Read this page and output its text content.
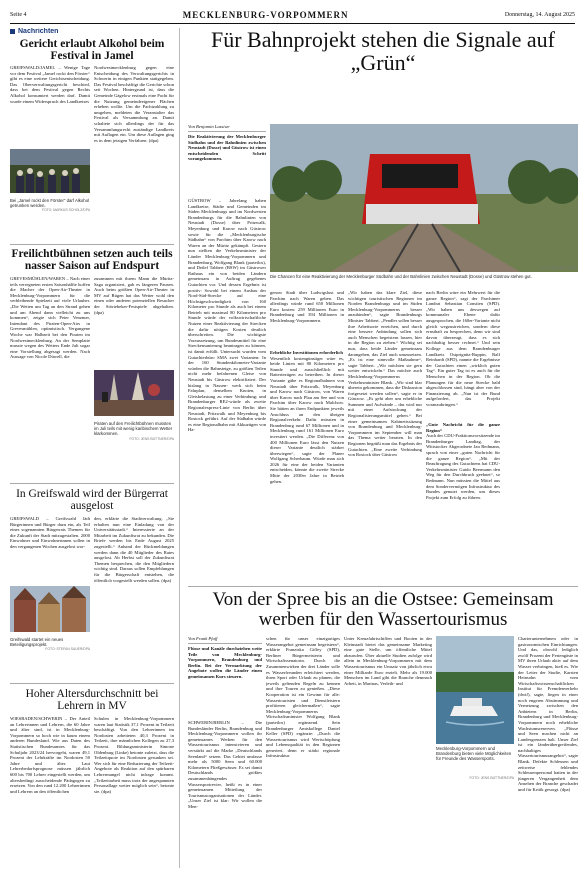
Seite 4	MECKLENBURG-VORPOMMERN	Donnerstag, 14. August 2025
Nachrichten
Gericht erlaubt Alkohol beim Festival in Jamel
GREIFSWALD/JAMEL – Wenige Tage vor dem Festival „Jamel rockt den Förster“ gibt es eine weitere Gerichtsentscheidung. Das Oberverwaltungsgericht beschied, dass bei dem Festival gegen Rechts Alkohol konsumiert werden darf. Damit wurde einem Widerspruch des Landkreises
Bei „Jamel rockt den Förster“ darf Alkohol getrunken werden.
FOTO: MARKUS SCHOLZ/DPA
Nordwestmecklenburg gegen eine Entscheidung des Verwaltungsgerichts in Schwerin in einigen Punkten stattgegeben. Das Festival beschäftigt die Gerichte schon seit Wochen. Hintergrund ist, dass die Gemeinde Gägelow erstmals eine Pacht für die Nutzung gemeindeeigener Flächen erheben wollte. Um die Pachtzahlung zu umgehen, meldeten die Veranstalter das Festival als Versammlung an. Damit schaltete sich allerdings der für das Versammlungsrecht zuständige Landkreis mit Auflagen ein. Um diese Auflagen ging es in dem jetzigen Verfahren. (dpa)
Freilichtbühnen setzen auch teils nasser Saison auf Endspurt
GREVESMÜHLEN/WAREN – Nach einer teils verregneten ersten Saisonhälfte hoffen die Macher der Open-Air-Theater in Mecklenburg-Vorpommern für die verbleibende Spielzeit auf viele Urlauber. „Die Wetten um Tag an den Strand gehen und am Abend dann vielleicht zu uns kommen“, zeigte sich Peter Venzmer, Intendant des Piraten-Open-Airs in Grevesmühlen, optimistisch. Vergangene Woche war Halbzeit bei den Piraten im Nordwestmecklenburg. An der Semplatte musste wegen des Wetters Ende Juli sogar eine Vorstellung abgesagt werden. Nach Aussage von Nicole Düwell, die
zusammen mit ihrem Mann die Müritz-Saga organisiert, gab es längeren Pausen. Auch beim größten Open-Air-Theater in MV auf Rügen hat das Wetter wohl den einen oder anderen potenziellen Besucher der Störtebeker-Festspiele abgehalten. (dpa)
Piraten auf den Freilichtbühnen mussten im Juli teils mit wenig karibischem Wetter klarkommen.
FOTO: JENS BÜTTNER/DPA
In Greifswald wird der Bürgerrat ausgelost
GREIFSWALD – Greifswald lädt Bürgerinnen und Bürger dazu ein, als Teil eines sogenannten Bürgerrats Themen für die Zukunft der Stadt mitzugestalten. 2000 Einwohner und Einwohnerinnen sollen in den vergangenen Wochen ausgelost wor-
Greifswald startet ein neues Beteiligungsprojekt.
FOTO: STEFAN SAUER/DPA
den, erklärte die Stadtverwaltung. „Sie erhalten nun eine Einladung von der Universitätsstadt.“ Interessierte an der Mitarbeit im Zukunftsrat zu bekunden. Die Briefe werden bis Ende August 2025 zugestellt.“ Anhand der Rückmeldungen werden dann die 40 Mitglieder des Rates ausgelost. Ab Herbst soll der Zukunftsrat Themen besprechen, die den Mitgliedern wichtig sind. Daraus sollen Empfehlungen für die Bürgerschaft entstehen, die öffentlich vorgestellt werden sollen. (dpa)
Hoher Altersdurchschnitt bei Lehrern in MV
WIESBADEN/SCHWERIN – Der Anteil an Lehrerinnen und Lehrern, die 60 Jahre und älter sind, ist in Mecklenburg-Vorpommern so hoch wie in kaum einem anderen Bundesland. Wie aus Daten des Statistischen Bundesamtes für das Schuljahr 2023/24 hervorgeht, waren 49,1 Prozent der Lehrkräfte im Nordosten 50 Jahre und älter. Laut Lehrerbedarfsprognose müssen jährlich 600 bis 700 Lehrer eingestellt werden, um altersbedingt ausscheidende Pädagogen zu ersetzen. Von den rund 12.200 Lehrerinnen und Lehrern an den öffentlichen
Schulen in Mecklenburg-Vorpommern waren laut Statistik 37,1 Prozent in Teilzeit beschäftigt. Von den Lehrerinnen im Nordosten arbeiteten 40,3 Prozent in Teilzeit, ihre männlichen Kollegen zu 27,3 Prozent. Bildungsministerin Simone Oldenburg (Linke) betonte zuletzt, dass die Teilzeitquote im Nordosten gesunken sei. Wer sich für eine Reduzierung der Teilzeit-Angebote als Reaktion auf den spürbaren Lehrermangel nicht infrage kommt. „Teilzeitarbeit muss trotz der angespannten Personallage weiter möglich sein“, betonte sie. (dpa)
Für Bahnprojekt stehen die Signale auf „Grün“
Von Benjamin Lassiwe
Die Reaktivierung der Mecklenburger Südbahn und der Bahnlinien zwischen Neustadt (Dosse) und Güstrow ist einen entscheidenden Schritt vorangekommen.
GÜSTROW – Jahrelang haben Landkreise, Städte und Gemeinden im Süden Mecklenburgs und im Nordwesten Brandenburgs für die Bahnlinien von Neustadt (Dosse) über Pritzwalk, Meyenburg und Karow nach Güstrow sowie für die „Mecklenburgische Südbahn“ von Parchim über Karow nach Waren an der Müritz gekämpft. Gestern nun stellten die Verkehrsminister der Länder Mecklenburg-Vorpommern und Brandenburg, Wolfgang Blank (parteilos), und Detlef Tabbert (BSW) im Güstrower Rathaus ein von beiden Ländern gemeinsam in Auftrag gegebenes Gutachten vor. Und dessen Ergebnis ist positiv: Sowohl bei einem Ausbau der Nord-Süd-Strecke auf eine Höchstgeschwindigkeit von 160 Kilometer pro Stunde als auch bei einem Betrieb mit maximal 80 Kilometern pro Stunde würde der volkswirtschaftliche Nutzen einer Reaktivierung der Strecken die dafür nötigen Kosten deutlich überschreiten. Die wichtigste Voraussetzung, um Bundesmittel für eine Streckensanierung beantragen zu können, ist damit erfüllt. Untersucht wurden vom Gutachterbüro SMA zwei Varianten: In der 160 Stundenkilometer-Variante würden die Bahnsteige, zu größten Teilen nicht mehr befahrenen Gleise von Neustadt bis Güstrow elektrifiziert. Der bislang in Nassen- werk sich beim Fahrplan, denselben Knoten, in Gleisbelastung zu einer Verbindung; und Brandenburger RE2-würde als zweite Regionalexpress-Linie von Berlin über Neustadt, Pritzwalk und Meyenburg bis Rostock geführt. Auf der Südbahn würde es eine Regionalbahn mit Akkuzügen von Ha-
Die Chancen für eine Reaktivierung der Mecklenburger Südbahn und der Bahnlinien zwischen Neustadt (Dosse) und Güstrow stehen gut.
FOTO: JENS BÜTTNER
genow Stadt über Ludwigslust und Parchim nach Waren geben. Das allerdings würde rund 650 Millionen Euro kosten: 259 Millionen Euro in Brandenburg und 394 Millionen in Mecklenburg-Vorpommern.
Erhebliche Investitionen erforderlich
Wesentlich kostengünstiger wäre es, beide Linien mit 80 Kilometern pro Stunde und ausschließlich mit Batteriezügen zu betreiben. In dieser Variante gäbe es Regionalbahnen von Neustadt über Pritzwalk, Meyenburg und Karow nach Güstrow, von Waren über Karow nach Plau am See und von Parchim über Karow nach Malchow. Sie hätten an ihren Endpunkten jeweils Anschluss an den übrigen Regionalverkehr. Dafür müssten in Brandenburg rund 67 Millionen und in Mecklenburg rund 161 Millionen Euro investiert werden. „Die Differenz von 400 Millionen Euro lässt den Nutzen dieser Variante deutlich stärker überwiegen“, sagte der Planer Wolfgang Scherbaum. Würde man sich 2026 für eine der beiden Varianten entscheiden, könnte die zweite Strecke Mitte der 2030er Jahre in Betrieb gehen.
„Wir haben das klare Ziel, diese wichtigen touristischen Regionen im Norden Brandenburgs und im Süden Mecklenburg-Vorpommerns besser anzubinden“, sagte Brandenburgs Minister Tabbert. „Pendler sollen besser ihre Arbeitsorte erreichen, und durch eine bessere Anbindung sollen sich auch Menschen begeistern lassen, hier in die Region zu ziehen.“ Wichtig sei nun, dass beide Länder gemeinsam darangehen, das Ziel auch umzusetzen. „Es ist eine sinnvolle Maßnahme“, sagte Tabbert. „Wir möchten sie gern weiter entwickeln.“ Das möchte auch Mecklenburg-Vorpommerns Verkehrsminister Blank. „Wir sind klar überein gekommen, dass die Diskussion fortgesetzt werden sollen“, sagte er in Güstrow. „Es geht aber um erhebliche Summen und Aufwände – das wird nur mit einer Aufstockung der Regionalisierungsmittel gehen.“ Bei einer gemeinsamen Kabinettssitzung von Brandenburg und Mecklenburg-Vorpommern im September will man das Thema weiter beraten. In den Regionen begrüßt man das Ergebnis der Gutachten. „Eine zweite Verbindung von Rostock über Güstrow
nach Berlin wäre ein Mehrwert für die ganze Region“, sagt der Parchimer Landrat Sebastian Constien (SPD). „Wir haben uns deswegen auf kommunaler Ebene dafür ausgesprochen, die 160er-Variante nicht gleich wegzustreichen, sondern diese ernsthaft zu besprechen, denn wir sind davon überzeugt, dass es sich nachhaltig besser rechnet.“ Und sein Kollege aus dem Brandenburger Landkreis Ostprignitz-Ruppin, Ralf Reinhardt (SPD), nannte die Ergebnisse der Gutachten einen „wirklich guten Tag“. Ein guter Tag ist es auch für die Menschen in der Region. Ob die Planungen für die neue Strecke bald abgeschlossen sind, hängt aber von der Finanzierung ab. „Nun ist der Bund aufgefordert, das Projekt voranzubringen.“
„Gute Nachricht für die ganze Region“
Auch der CDU-Fraktionsvorsitzende im Brandenburger Landtag, der Wittstocker Abgeordnete Jan Redmann, sprach von einer „guten Nachricht für die ganze Region“. „Mit der Beauftragung des Gutachtens hat CDU-Verkehrsminister Guido Beermann den Weg für den Durchbruch geebnet“, so Redmann. Nun müssten die Mittel aus dem Sondervermögen Infrastruktur des Bundes genutzt werden, um dieses Projekt zum Erfolg zu führen.
Von der Spree bis an die Ostsee: Gemeinsam werben für den Wassertourismus
Von Frank Pfaff
Flüsse und Kanäle durchziehen weite Teile von Mecklenburg-Vorpommern, Brandenburg und Berlin. Bei der Vermarktung der Angebote wollen die Länder einen gemeinsamen Kurs steuern.
SCHWERIN/BERLIN – Die Bundesländer Berlin, Brandenburg und Mecklenburg-Vorpommern wollen ihr gemeinsames Werben für den Wassertourismus intensivieren und verstärkt auf die Marke „Deutschlands Seenland“ setzen. Das Gebiet umfasse mehr als 5000 Seen und 60.000 Kilometern Fließgewässer. Es sei damit Deutschlands größtes zusammenhängendes Wassersportrevier, heißt es in einer gemeinsamen Mitteilung der Tourismusorganisationen der Länder. „Unser Ziel ist klar: Wir wollen die Men-
schen für unser einzigartiges Wasserangebot gemeinsam begeistern“, erklärte Franziska Giffey (SPD), Berliner Bürgermeisterin und Wirtschaftssenatorin. Durch die Zusammenwirken der drei Länder solle es Wasserfreunden erleichtert werden, ihren Sport oder Urlaub zu planen, die jeweils geltenden Regeln zu kennen und ihre Touren zu genießen. „Diese Kooperation ist ein Gewinn für alle: Wassertouristen und Dienstleistern profitieren gleichermaßen“, sagte Mecklenburg-Vorpommerns Wirtschaftsminister Wolfgang Blank (parteilos) ergänzend. Sein Brandenburger Amtskollege Daniel Keller (SPD) ergänzte: „Durch die Wassertourismus wird Wertschöpfung und Lebensqualität in den Regionen generiert, denn er stärkt regionale Infrastruktur.
Unter Kreuzfahrtschiffen und Booten in der Kleinstadt bietet das gemeinsame Marketing eine gute Stelle, um öffentliche Mittel abzurufen. Über aktuelle Studien zufolge wird allein in Mecklenburg-Vorpommern mit dem Wassertourismus ein Umsatz von jährlich etwa einer Milliarde Euro erzielt. Mehr als 19.000 Menschen im Land gibt die Branche demnach Arbeit, in Marinas, Verleih- und
Mecklenburg-Vorpommern und Brandenburg bieten viele Möglichkeiten für Freunde des Wassersports.
FOTO: JENS BÜTTNER/DPA
Charterunternehmen oder in gastronomischen Einrichtungen. Und das, obwohl lediglich zwölf Prozent der Feriengäste in MV ihren Urlaub aktiv auf dem Wasser verbringen, hieß es. Wie der Leiter der Studie, Karsten Heinsohn vom Wirtschaftswissenschaftlichen Institut für Fremdenverkehr (dwif), sagte, liegen in einer noch engeren Abstimmung und Vernetzung zwischen den Anbietern in Berlin, Brandenburg und Mecklenburg-Vorpommern noch erhebliche Wachstumsreserven. „Flüsse und Seen machen nicht an Landesgrenzen halt. Unser Ziel ist ein länderübergreifendes, nachhaltiges Wassertourismusangebot“, sagte Blank. Defekte Schleusen und zeitweise fehlendes Schleusenpersonal hatten in der jüngeren Vergangenheit dem Ansehen der Branche geschadet und für Kritik gesorgt. (dpa)
